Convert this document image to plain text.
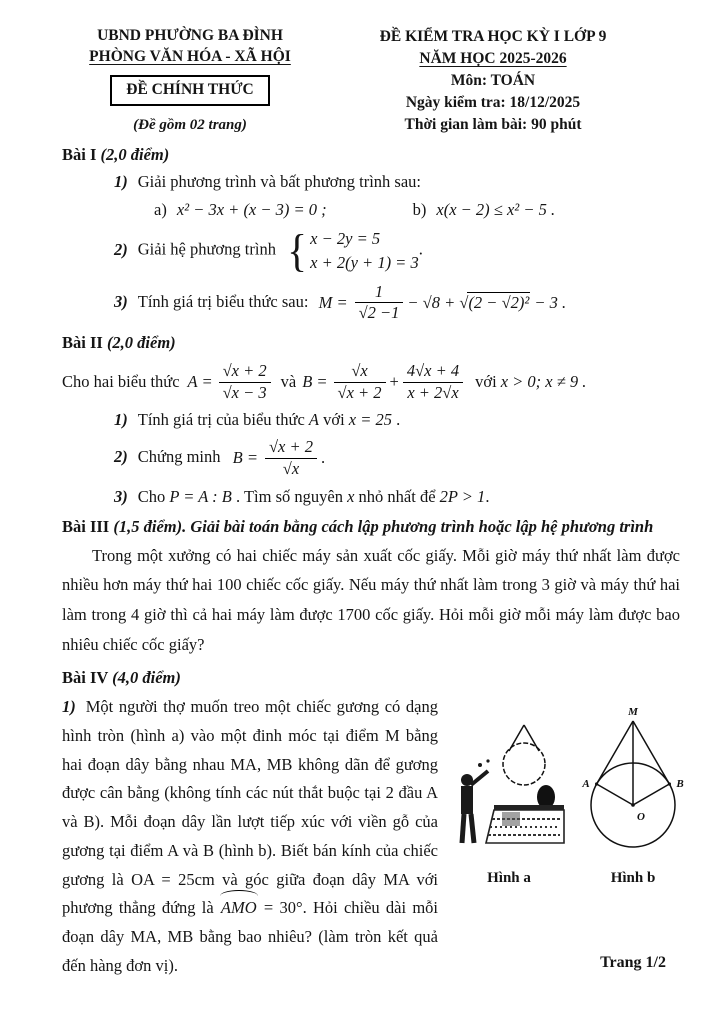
UBND PHƯỜNG BA ĐÌNH
PHÒNG VĂN HÓA - XÃ HỘI
ĐỀ CHÍNH THỨC
(Đề gồm 02 trang)
ĐỀ KIỂM TRA HỌC KỲ I LỚP 9
NĂM HỌC 2025-2026
Môn: TOÁN
Ngày kiểm tra: 18/12/2025
Thời gian làm bài: 90 phút
Bài I (2,0 điểm)
1) Giải phương trình và bất phương trình sau:
a) x² − 3x + (x − 3) = 0 ;	b) x(x − 2) ≤ x² − 5 .
2) Giải hệ phương trình { x − 2y = 5
x + 2(y + 1) = 3
.
3) Tính giá trị biểu thức sau: $M = \frac{1}{√2 -1} - √8$ + √ (2 − √2)² − 3 .
Bài II (2,0 điểm)
Cho hai biểu thức $A = \frac{√x + 2}{√x - 3}$ và $B = \frac{√x}{√x + 2} + \frac{4√x + 4}{x + 2√x}$ với x > 0; x ≠ 9 .
1) Tính giá trị của biểu thức A với x = 25 .
2) Chứng minh $B = \frac{√x + 2}{√x}$ .
3) Cho P = A : B . Tìm số nguyên x nhỏ nhất để 2P > 1.
Bài III (1,5 điểm). Giải bài toán bằng cách lập phương trình hoặc lập hệ phương trình
Trong một xưởng có hai chiếc máy sản xuất cốc giấy. Mỗi giờ máy thứ nhất làm được nhiều hơn máy thứ hai 100 chiếc cốc giấy. Nếu máy thứ nhất làm trong 3 giờ và máy thứ hai làm trong 4 giờ thì cả hai máy làm được 1700 cốc giấy. Hỏi mỗi giờ mỗi máy làm được bao nhiêu chiếc cốc giấy?
Bài IV (4,0 điểm)
1) Một người thợ muốn treo một chiếc gương có dạng hình tròn (hình a) vào một đinh móc tại điểm M bằng hai đoạn dây bằng nhau MA, MB không dãn để gương được cân bằng (không tính các nút thắt buộc tại 2 đầu A và B). Mỗi đoạn dây lần lượt tiếp xúc với viền gỗ của gương tại điểm A và B (hình b). Biết bán kính của chiếc gương là OA = 25cm và góc giữa đoạn dây MA với phương thẳng đứng là AMO = 30°. Hỏi chiều dài mỗi đoạn dây MA, MB bằng bao nhiêu? (làm tròn kết quả đến hàng đơn vị).
Hình a
M
A	B
O
Hình b
Trang 1/2
